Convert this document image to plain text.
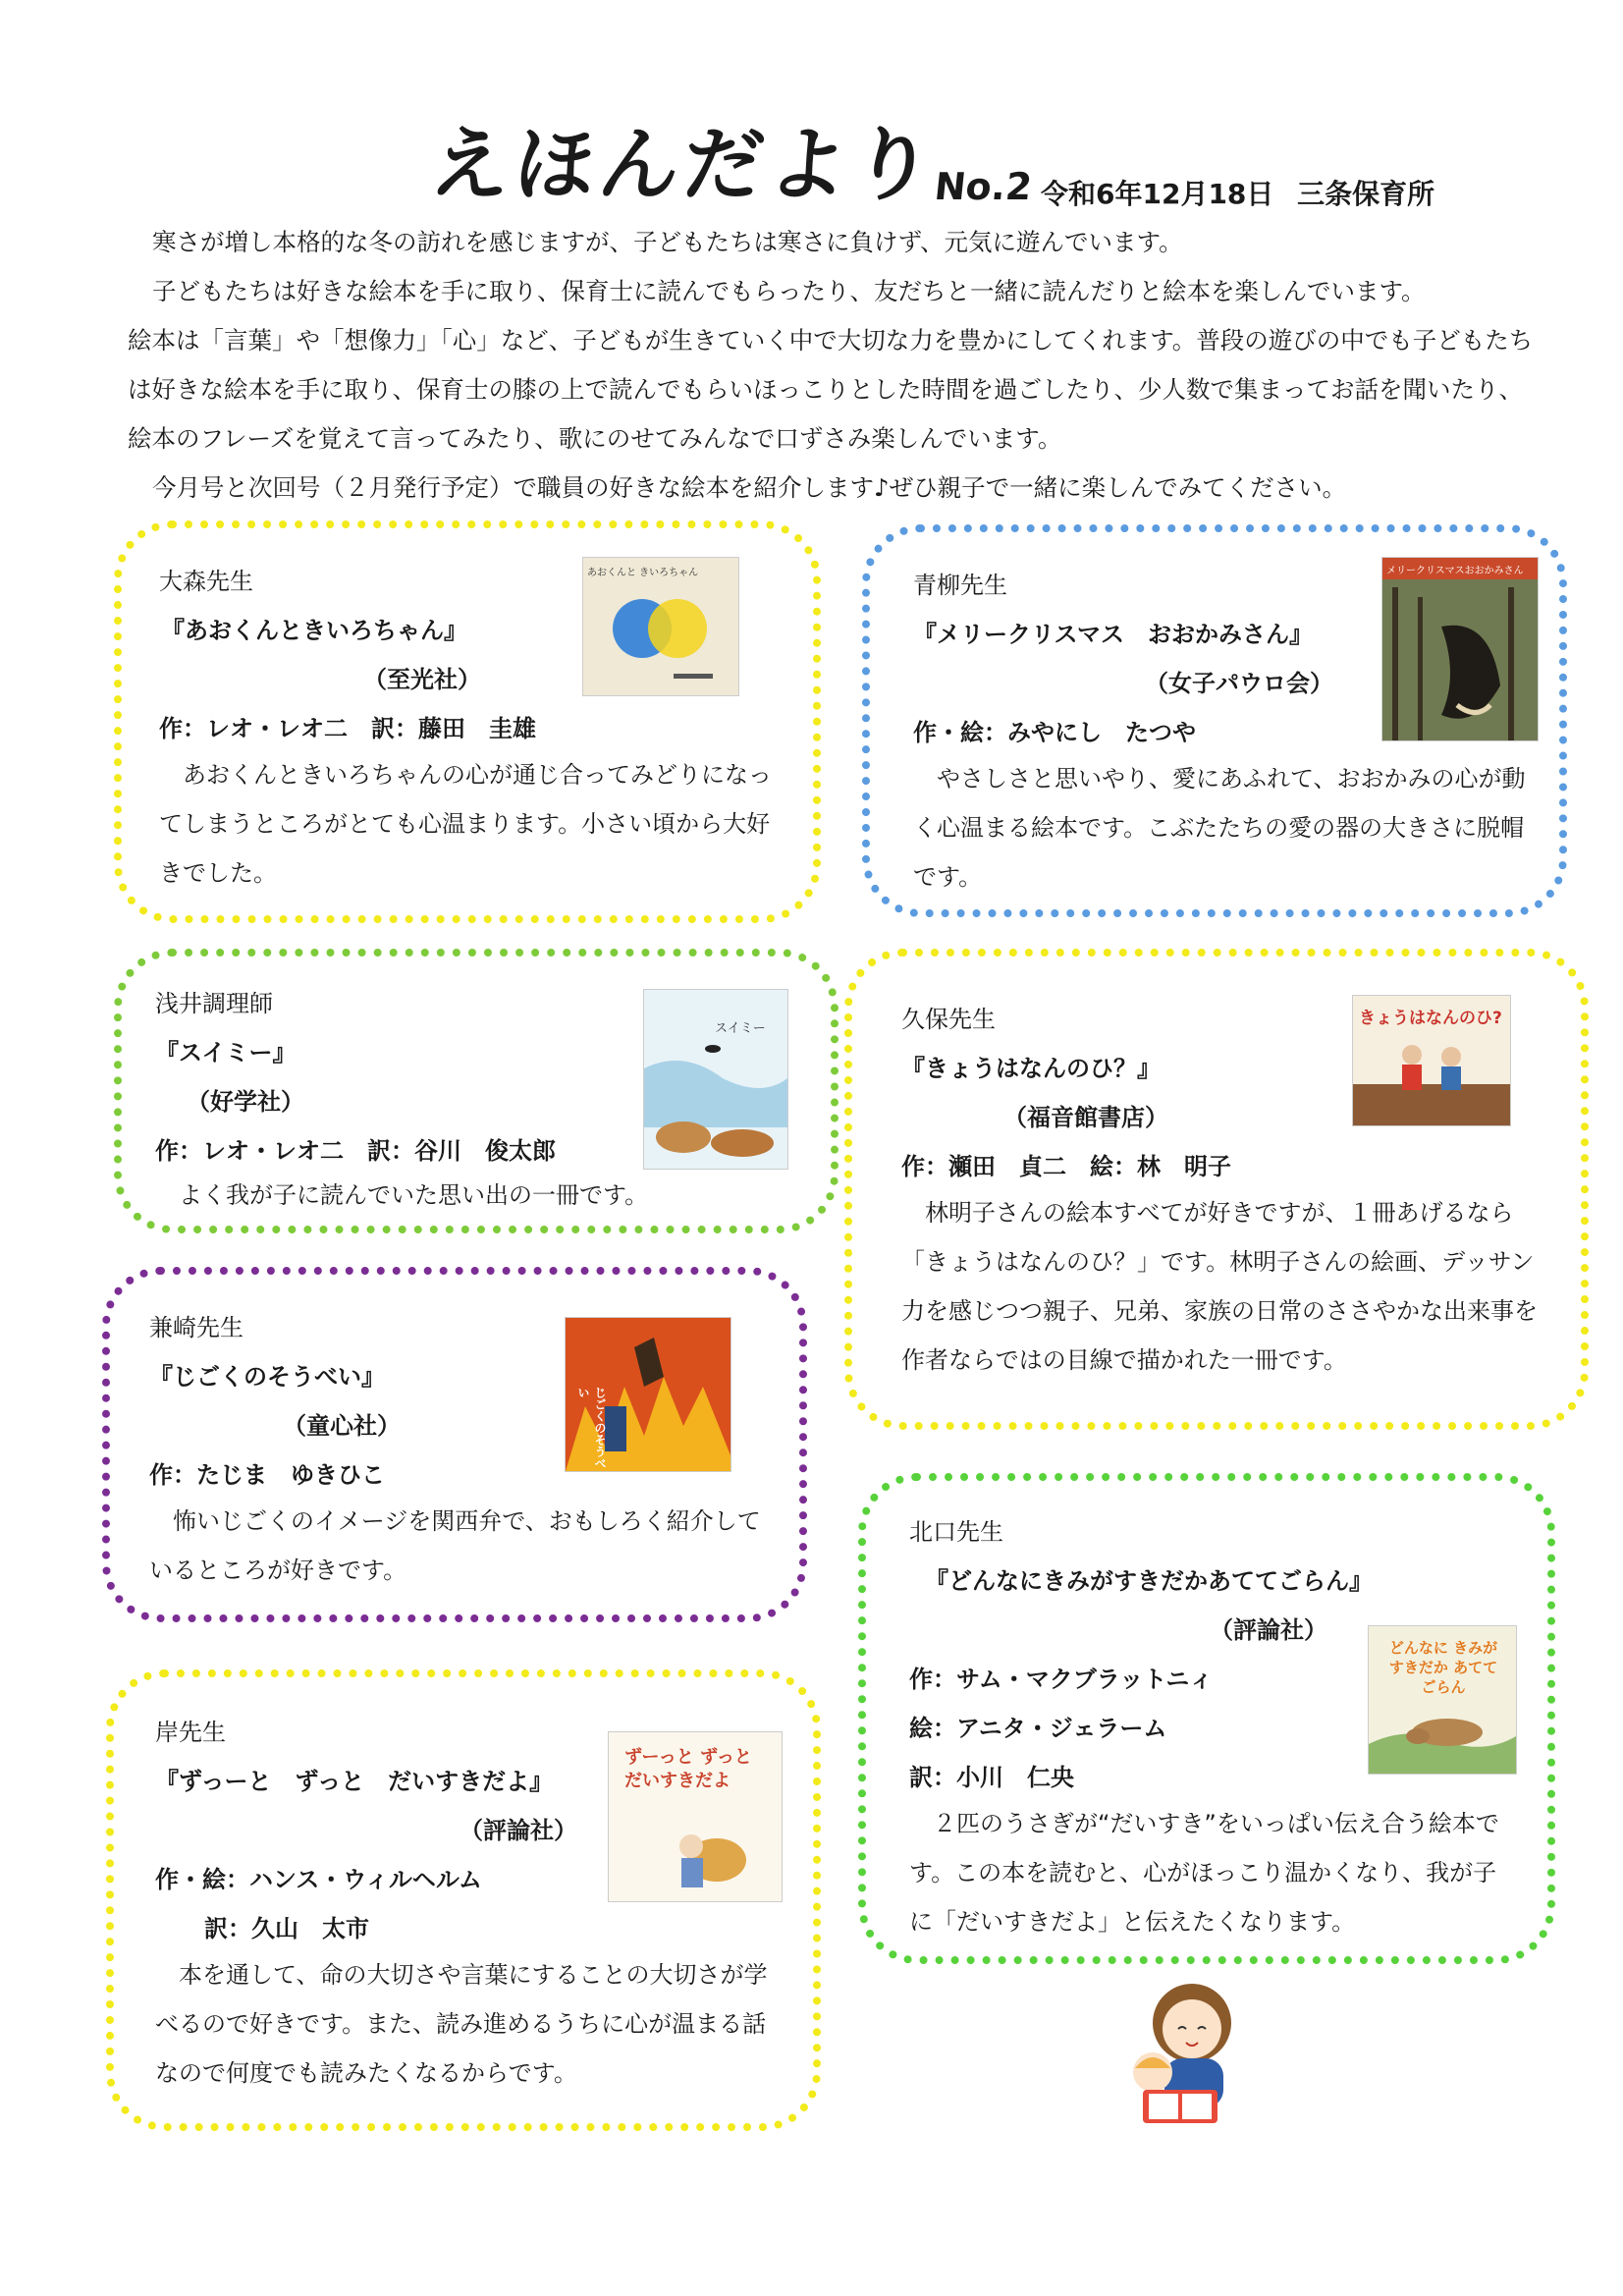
えほんだより
No.2 令和6年12月18日 三条保育所

寒さが増し本格的な冬の訪れを感じますが、子どもたちは寒さに負けず、元気に遊んでいます。

子どもたちは好きな絵本を手に取り、保育士に読んでもらったり、友だちと一緒に読んだりと絵本を楽しんでいます。

絵本は「言葉」や「想像力」「心」など、子どもが生きていく中で大切な力を豊かにしてくれます。普段の遊びの中でも子どもたちは好きな絵本を手に取り、保育士の膝の上で読んでもらいほっこりとした時間を過ごしたり、少人数で集まってお話を聞いたり、絵本のフレーズを覚えて言ってみたり、歌にのせてみんなで口ずさみ楽しんでいます。

今月号と次回号（２月発行予定）で職員の好きな絵本を紹介します♪ぜひ親子で一緒に楽しんでみてください。

大森先生
『あおくんときいろちゃん』
（至光社）
作：レオ・レオ二　訳：藤田　圭雄
あおくんときいろちゃんの心が通じ合ってみどりになってしまうところがとても心温まります。小さい頃から大好きでした。
あおくんと きいろちゃん	青柳先生
『メリークリスマス　おおかみさん』
（女子パウロ会）
作・絵：みやにし　たつや
やさしさと思いやり、愛にあふれて、おおかみの心が動く心温まる絵本です。こぶたたちの愛の器の大きさに脱帽です。
メリークリスマスおおかみさん
浅井調理師
『スイミー』
（好学社）
作：レオ・レオ二　訳：谷川　俊太郎
よく我が子に読んでいた思い出の一冊です。
スイミー	久保先生
『きょうはなんのひ？』
（福音館書店）
作：瀬田　貞二　絵：林　明子
林明子さんの絵本すべてが好きですが、１冊あげるなら「きょうはなんのひ？」です。林明子さんの絵画、デッサン力を感じつつ親子、兄弟、家族の日常のささやかな出来事を作者ならではの目線で描かれた一冊です。
きょうはなんのひ?
兼崎先生
『じごくのそうべい』
（童心社）
作：たじま　ゆきひこ
怖いじごくのイメージを関西弁で、おもしろく紹介しているところが好きです。
じごくのそうべい
北口先生
『どんなにきみがすきだかあててごらん』
（評論社）
作：サム・マクブラットニィ
絵：アニタ・ジェラーム
訳：小川　仁央
２匹のうさぎが“だいすき”をいっぱい伝え合う絵本です。この本を読むと、心がほっこり温かくなり、我が子に「だいすきだよ」と伝えたくなります。
どんなに きみがすきだか あててごらん
岸先生
『ずっーと　ずっと　だいすきだよ』
（評論社）
作・絵：ハンス・ウィルヘルム
訳：久山　太市
本を通して、命の大切さや言葉にすることの大切さが学べるので好きです。また、読み進めるうちに心が温まる話なので何度でも読みたくなるからです。
ずーっと ずっと だいすきだよ
